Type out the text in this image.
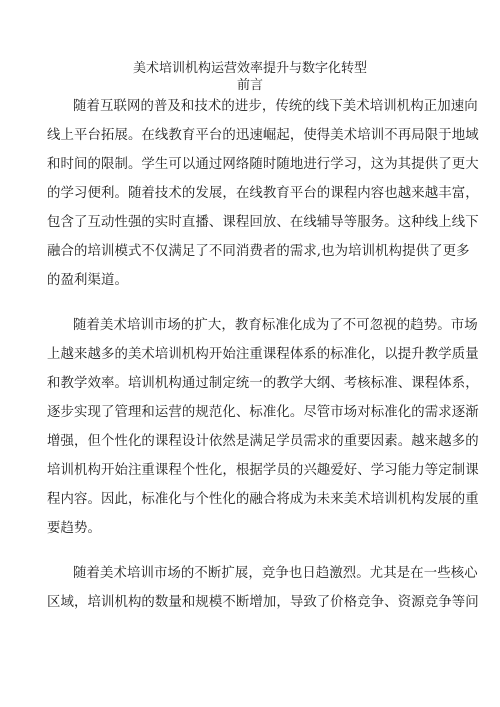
美术培训机构运营效率提升与数字化转型
前言
随着互联网的普及和技术的进步，传统的线下美术培训机构正加速向
线上平台拓展。在线教育平台的迅速崛起，使得美术培训不再局限于地域
和时间的限制。学生可以通过网络随时随地进行学习，这为其提供了更大
的学习便利。随着技术的发展，在线教育平台的课程内容也越来越丰富，
包含了互动性强的实时直播、课程回放、在线辅导等服务。这种线上线下
融合的培训模式不仅满足了不同消费者的需求,也为培训机构提供了更多
的盈利渠道。
随着美术培训市场的扩大，教育标准化成为了不可忽视的趋势。市场
上越来越多的美术培训机构开始注重课程体系的标准化，以提升教学质量
和教学效率。培训机构通过制定统一的教学大纲、考核标准、课程体系，
逐步实现了管理和运营的规范化、标准化。尽管市场对标准化的需求逐渐
增强，但个性化的课程设计依然是满足学员需求的重要因素。越来越多的
培训机构开始注重课程个性化，根据学员的兴趣爱好、学习能力等定制课
程内容。因此，标准化与个性化的融合将成为未来美术培训机构发展的重
要趋势。
随着美术培训市场的不断扩展，竞争也日趋激烈。尤其是在一些核心
区域，培训机构的数量和规模不断增加，导致了价格竞争、资源竞争等问
